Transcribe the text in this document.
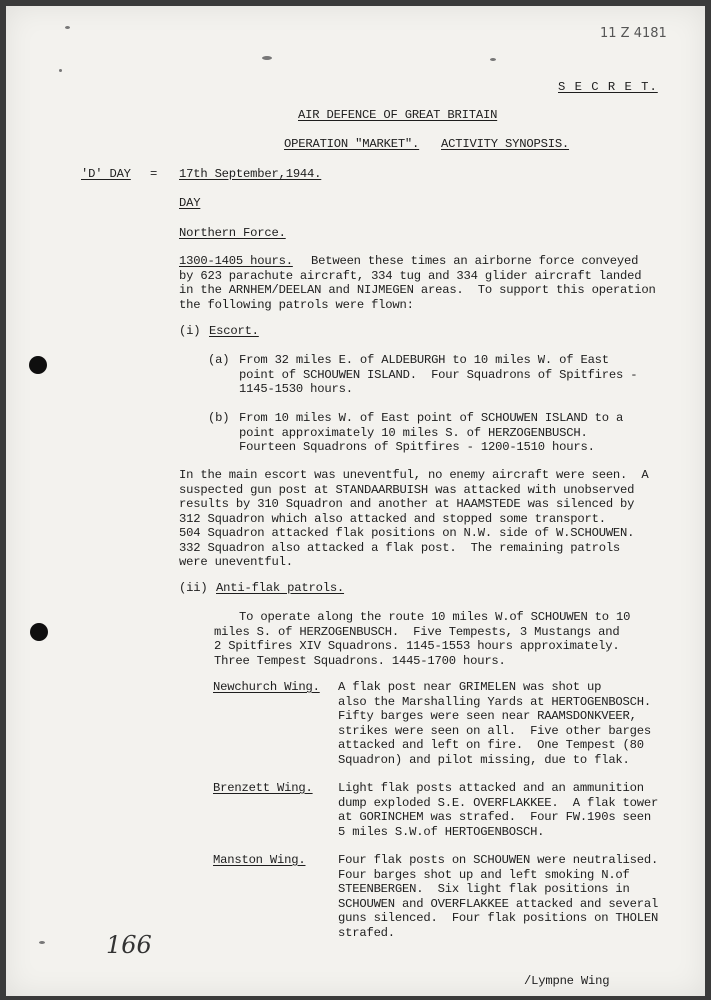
11 Z 4181
S E C R E T.
AIR DEFENCE OF GREAT BRITAIN
OPERATION "MARKET". ACTIVITY SYNOPSIS.
'D' DAY = 17th September,1944.
DAY
Northern Force.
1300-1405 hours. Between these times an airborne force conveyed
by 623 parachute aircraft, 334 tug and 334 glider aircraft landed
in the ARNHEM/DEELAN and NIJMEGEN areas.  To support this operation
the following patrols were flown:
(i) Escort.
(a) From 32 miles E. of ALDEBURGH to 10 miles W. of East
point of SCHOUWEN ISLAND.  Four Squadrons of Spitfires -
1145-1530 hours.
(b) From 10 miles W. of East point of SCHOUWEN ISLAND to a
point approximately 10 miles S. of HERZOGENBUSCH.
Fourteen Squadrons of Spitfires - 1200-1510 hours.
In the main escort was uneventful, no enemy aircraft were seen.  A
suspected gun post at STANDAARBUISH was attacked with unobserved
results by 310 Squadron and another at HAAMSTEDE was silenced by
312 Squadron which also attacked and stopped some transport.
504 Squadron attacked flak positions on N.W. side of W.SCHOUWEN.
332 Squadron also attacked a flak post.  The remaining patrols
were uneventful.
(ii) Anti-flak patrols.
To operate along the route 10 miles W.of SCHOUWEN to 10
miles S. of HERZOGENBUSCH.  Five Tempests, 3 Mustangs and
2 Spitfires XIV Squadrons. 1145-1553 hours approximately.
Three Tempest Squadrons. 1445-1700 hours.
Newchurch Wing. A flak post near GRIMELEN was shot up
also the Marshalling Yards at HERTOGENBOSCH.
Fifty barges were seen near RAAMSDONKVEER,
strikes were seen on all.  Five other barges
attacked and left on fire.  One Tempest (80
Squadron) and pilot missing, due to flak.
Brenzett Wing. Light flak posts attacked and an ammunition
dump exploded S.E. OVERFLAKKEE.  A flak tower
at GORINCHEM was strafed.  Four FW.190s seen
5 miles S.W.of HERTOGENBOSCH.
Manston Wing.	Four flak posts on SCHOUWEN were neutralised.
Four barges shot up and left smoking N.of
STEENBERGEN.  Six light flak positions in
SCHOUWEN and OVERFLAKKEE attacked and several
guns silenced.  Four flak positions on THOLEN
strafed.
166
/Lympne Wing
